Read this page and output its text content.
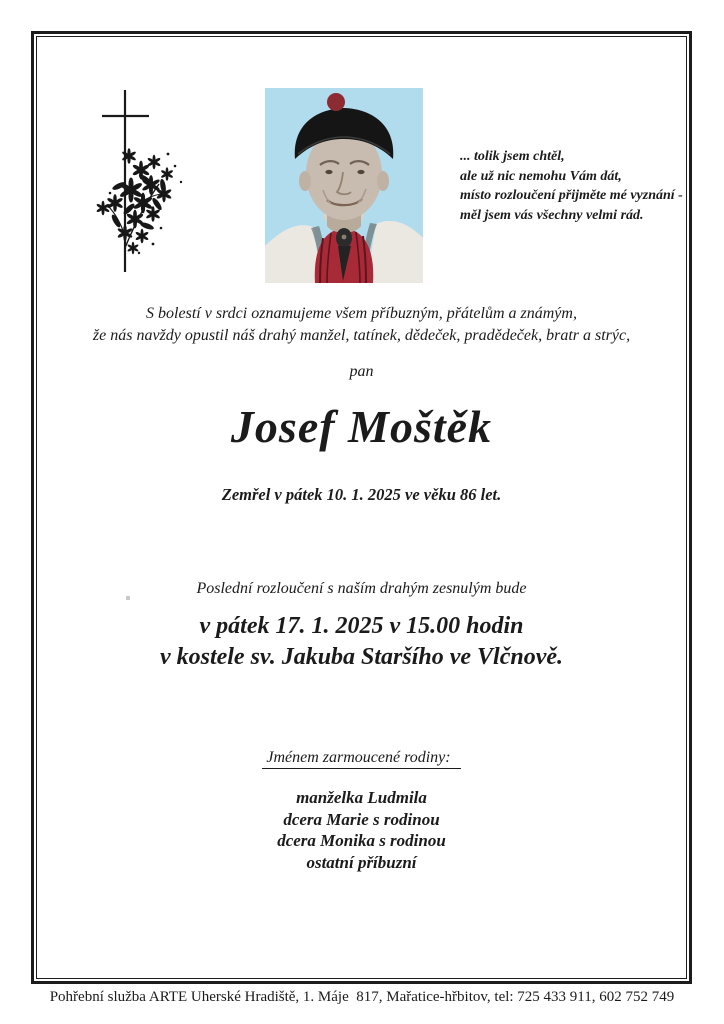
... tolik jsem chtěl,
ale už nic nemohu Vám dát,
místo rozloučení přijměte mé vyznání -
měl jsem vás všechny velmi rád.
S bolestí v srdci oznamujeme všem příbuzným, přátelům a známým,
že nás navždy opustil náš drahý manžel, tatínek, dědeček, pradědeček, bratr a strýc,
pan
Josef Moštěk
Zemřel v pátek 10. 1. 2025 ve věku 86 let.
Poslední rozloučení s naším drahým zesnulým bude
v pátek 17. 1. 2025 v 15.00 hodin
v kostele sv. Jakuba Staršího ve Vlčnově.
Jménem zarmoucené rodiny:
manželka Ludmila
dcera Marie s rodinou
dcera Monika s rodinou
ostatní příbuzní
Pohřební služba ARTE Uherské Hradiště, 1. Máje  817, Mařatice-hřbitov, tel: 725 433 911, 602 752 749
